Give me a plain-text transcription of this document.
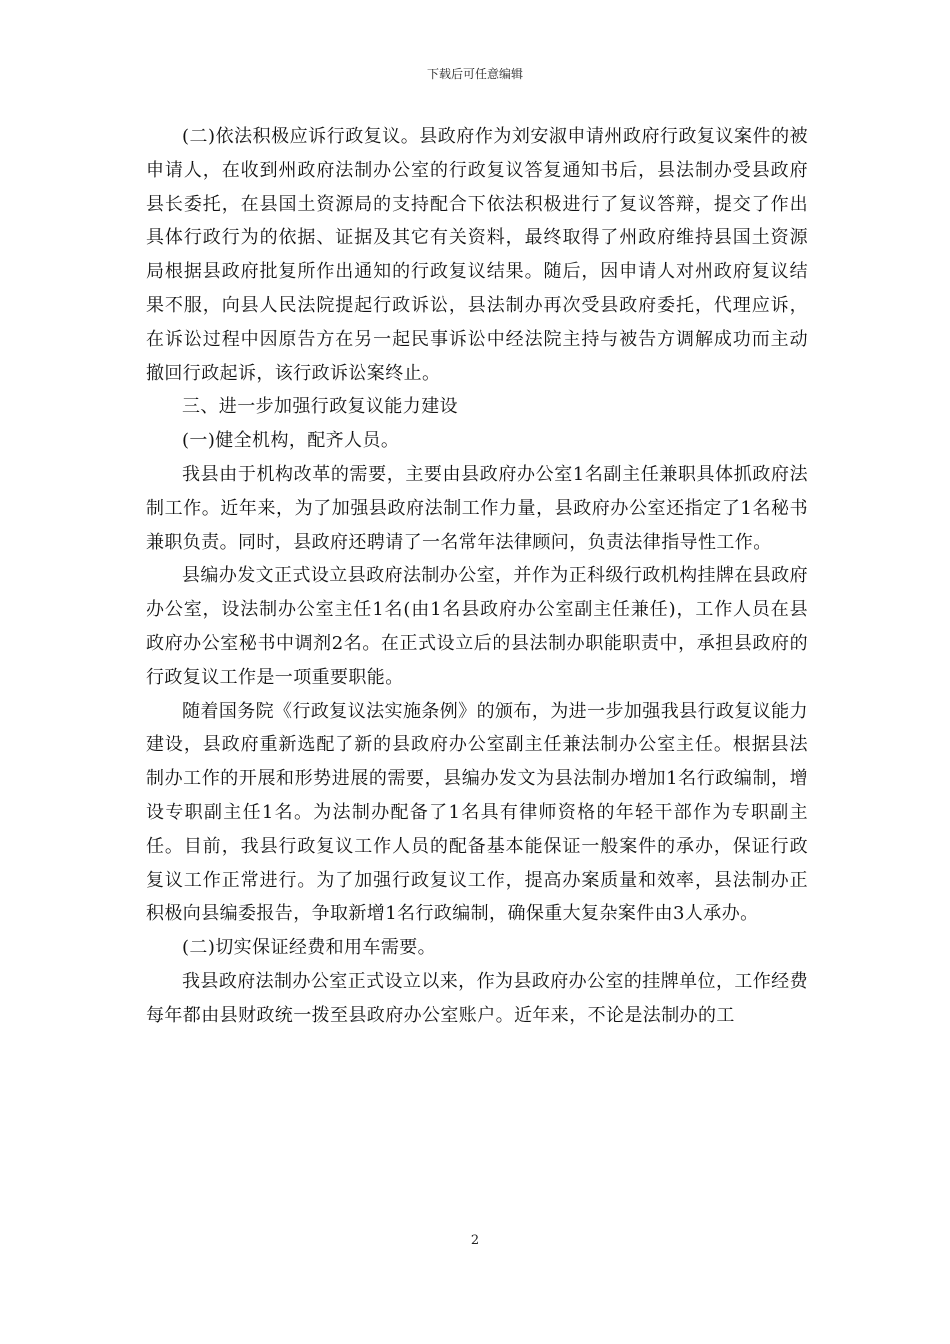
下载后可任意编辑

(二)依法积极应诉行政复议。县政府作为刘安淑申请州政府行政复议案件的被申请人，在收到州政府法制办公室的行政复议答复通知书后，县法制办受县政府县长委托，在县国土资源局的支持配合下依法积极进行了复议答辩，提交了作出具体行政行为的依据、证据及其它有关资料，最终取得了州政府维持县国土资源局根据县政府批复所作出通知的行政复议结果。随后，因申请人对州政府复议结果不服，向县人民法院提起行政诉讼，县法制办再次受县政府委托，代理应诉，在诉讼过程中因原告方在另一起民事诉讼中经法院主持与被告方调解成功而主动撤回行政起诉，该行政诉讼案终止。

三、进一步加强行政复议能力建设

(一)健全机构，配齐人员。

我县由于机构改革的需要，主要由县政府办公室1名副主任兼职具体抓政府法制工作。近年来，为了加强县政府法制工作力量，县政府办公室还指定了1名秘书兼职负责。同时，县政府还聘请了一名常年法律顾问，负责法律指导性工作。

县编办发文正式设立县政府法制办公室，并作为正科级行政机构挂牌在县政府办公室，设法制办公室主任1名(由1名县政府办公室副主任兼任)，工作人员在县政府办公室秘书中调剂2名。在正式设立后的县法制办职能职责中，承担县政府的行政复议工作是一项重要职能。

随着国务院《行政复议法实施条例》的颁布，为进一步加强我县行政复议能力建设，县政府重新选配了新的县政府办公室副主任兼法制办公室主任。根据县法制办工作的开展和形势进展的需要，县编办发文为县法制办增加1名行政编制，增设专职副主任1名。为法制办配备了1名具有律师资格的年轻干部作为专职副主任。目前，我县行政复议工作人员的配备基本能保证一般案件的承办，保证行政复议工作正常进行。为了加强行政复议工作，提高办案质量和效率，县法制办正积极向县编委报告，争取新增1名行政编制，确保重大复杂案件由3人承办。

(二)切实保证经费和用车需要。

我县政府法制办公室正式设立以来，作为县政府办公室的挂牌单位，工作经费每年都由县财政统一拨至县政府办公室账户。近年来，不论是法制办的工

2
